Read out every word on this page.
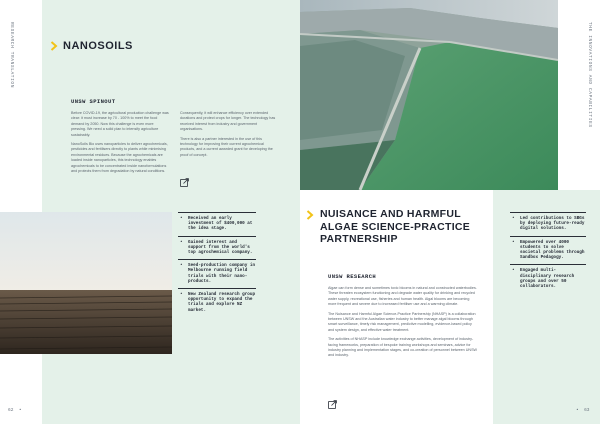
RESEARCH TRANSLATION	NANOSOILS
UNSW SPINOUT

Before COVID-19, the agricultural production challenge was clear: it must increase by 70 - 100% to meet the food demand by 2050. Now this challenge is even more pressing. We need a solid plan to intensify agriculture sustainably.

NanoSoils Bio uses nanoparticles to deliver agrochemicals, pesticides and fertilisers directly to plants while minimising environmental residues. Because the agrochemicals are loaded inside nanoparticles, this technology enables agrochemicals to be concentrated inside nanoformulations and protects them from degradation by natural conditions.

Consequently, it will enhance efficiency over extended durations and protect crops for longer. The technology has received interest from industry and government organisations.

There is also a partner interested in the use of this technology for improving their current agrochemical products, and a current awarded grant for developing the proof of concept.

• Received an early investment of $400,000 at the idea stage.
• Gained interest and support from the world's top agrochemical company.
• Seed-production company in Melbourne running field trials with their nano-products.
• New Zealand research group opportunity to expand the trials and explore NZ market.
62 •
THE INNOVATIONS AND CAPABILITIES
NUISANCE AND HARMFUL ALGAE SCIENCE-PRACTICE PARTNERSHIP
UNSW RESEARCH

Algae can form dense and sometimes toxic blooms in natural and constructed waterbodies. These threaten ecosystem functioning and degrade water quality for drinking and recycled water supply, recreational use, fisheries and human health. Algal blooms are becoming more frequent and severe due to increased fertiliser use and a warming climate.

The Nuisance and Harmful Algae Science-Practice Partnership (NHASP) is a collaboration between UNSW and the Australian water industry to better manage algal blooms through smart surveillance, timely risk management, predictive modelling, evidence-based policy and system design, and effective water treatment.

The activities of NHASP include knowledge exchange activities, development of industry-facing frameworks, preparation of bespoke training workshops and seminars, advice for industry planning and implementation stages, and co-creation of personnel between UNSW and industry.

• Led contributions to SBGs by deploying future-ready digital solutions.
• Empowered over 4000 students to solve societal problems through Sandbox Pedagogy.
• Engaged multi-disciplinary research groups and over 50 collaborators.
• 63
